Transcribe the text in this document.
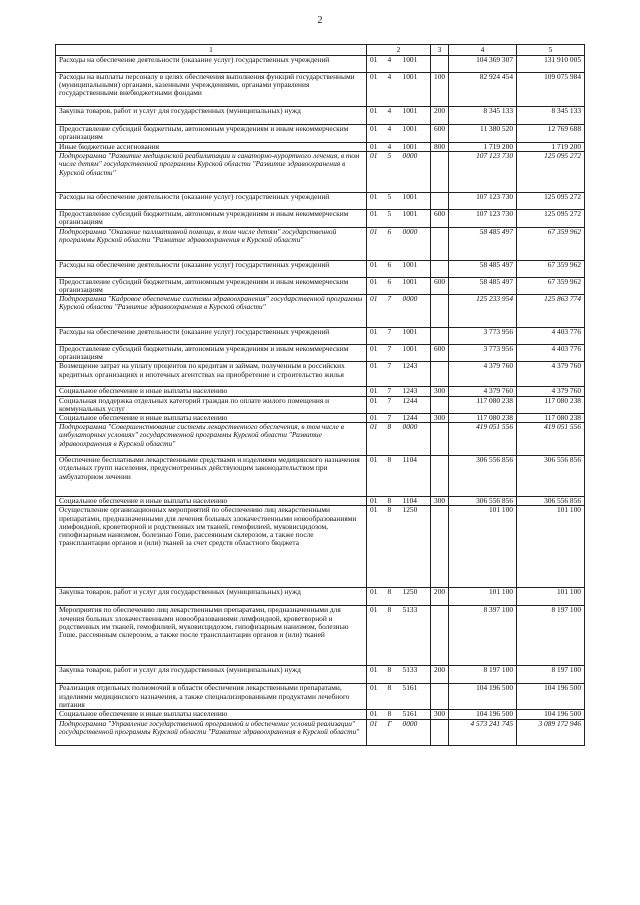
2
1	2			3	4	5
Расходы на обеспечение деятельности (оказание услуг) государственных учреждений	01	4	1001		104 369 307	131 910 005
Расходы на выплаты персоналу в целях обеспечения выполнения функций государственными (муниципальными) органами, казенными учреждениями, органами управления государственными внебюджетными фондами	01	4	1001	100	82 924 454	109 075 984
Закупка товаров, работ и услуг для государственных (муниципальных) нужд	01	4	1001	200	8 345 133	8 345 133
Предоставление субсидий бюджетным, автономным учреждениям и иным некоммерческим организациям	01	4	1001	600	11 380 520	12 769 688
Иные бюджетные ассигнования	01	4	1001	800	1 719 200	1 719 200
Подпрограмма "Развитие медицинской реабилитации и санаторно-курортного лечения, в том числе детям" государственной программы Курской области "Развитие здравоохранения в Курской области"	01	5	0000		107 123 730	125 095 272
Расходы на обеспечение деятельности (оказание услуг) государственных учреждений	01	5	1001		107 123 730	125 095 272
Предоставление субсидий бюджетным, автономным учреждениям и иным некоммерческим организациям	01	5	1001	600	107 123 730	125 095 272
Подпрограмма "Оказание паллиативной помощи, в том числе детям" государственной программы Курской области "Развитие здравоохранения в Курской области"	01	6	0000		58 485 497	67 359 962
Расходы на обеспечение деятельности (оказание услуг) государственных учреждений	01	6	1001		58 485 497	67 359 962
Предоставление субсидий бюджетным, автономным учреждениям и иным некоммерческим организациям	01	6	1001	600	58 485 497	67 359 962
Подпрограмма "Кадровое обеспечение системы здравоохранения" государственной программы Курской области "Развитие здравоохранения в Курской области"	01	7	0000		125 233 954	125 863 774
Расходы на обеспечение деятельности (оказание услуг) государственных учреждений	01	7	1001		3 773 956	4 403 776
Предоставление субсидий бюджетным, автономным учреждениям и иным некоммерческим организациям	01	7	1001	600	3 773 956	4 403 776
Возмещение затрат на уплату процентов по кредитам и займам, полученным в российских кредитных организациях и ипотечных агентствах на приобретение и строительство жилья	01	7	1243		4 379 760	4 379 760
Социальное обеспечение и иные выплаты населению	01	7	1243	300	4 379 760	4 379 760
Социальная поддержка отдельных категорий граждан по оплате жилого помещения и коммунальных услуг	01	7	1244		117 080 238	117 080 238
Социальное обеспечение и иные выплаты населению	01	7	1244	300	117 080 238	117 080 238
Подпрограмма "Совершенствование системы лекарственного обеспечения, в том числе в амбулаторных условиях" государственной программы Курской области "Развитие здравоохранения в Курской области"	01	8	0000		419 051 556	419 051 556
Обеспечение бесплатными лекарственными средствами и изделиями медицинского назначения отдельных групп населения, предусмотренных действующим законодательством при амбулаторном лечении	01	8	1104		306 556 856	306 556 856
Социальное обеспечение и иные выплаты населению	01	8	1104	300	306 556 856	306 556 856
Осуществление организационных мероприятий по обеспечению лиц лекарственными препаратами, предназначенными для лечения больных злокачественными новообразованиями лимфоидной, кроветворной и родственных им тканей, гемофилией, муковисцидозом, гипофизарным нанизмом, болезнью Гоше, рассеянным склерозом, а также после трансплантации органов и (или) тканей за счет средств областного бюджета	01	8	1250		101 100	101 100
Закупка товаров, работ и услуг для государственных (муниципальных) нужд	01	8	1250	200	101 100	101 100
Мероприятия по обеспечению лиц лекарственными препаратами, предназначенными для лечения больных злокачественными новообразованиями лимфоидной, кроветворной и родственных им тканей, гемофилией, муковисцидозом, гипофизарным нанизмом, болезнью Гоше, рассеянным склерозом, а также после трансплантации органов и (или) тканей	01	8	5133		8 397 100	8 197 100
Закупка товаров, работ и услуг для государственных (муниципальных) нужд	01	8	5133	200	8 197 100	8 197 100
Реализация отдельных полномочий в области обеспечения лекарственными препаратами, изделиями медицинского назначения, а также специализированными продуктами лечебного питания	01	8	5161		104 196 500	104 196 500
Социальное обеспечение и иные выплаты населению	01	8	5161	300	104 196 500	104 196 500
Подпрограмма "Управление государственной программой и обеспечение условий реализации" государственной программы Курской области "Развитие здравоохранения в Курской области"	01	Г	0000		4 573 241 745	3 089 172 946
